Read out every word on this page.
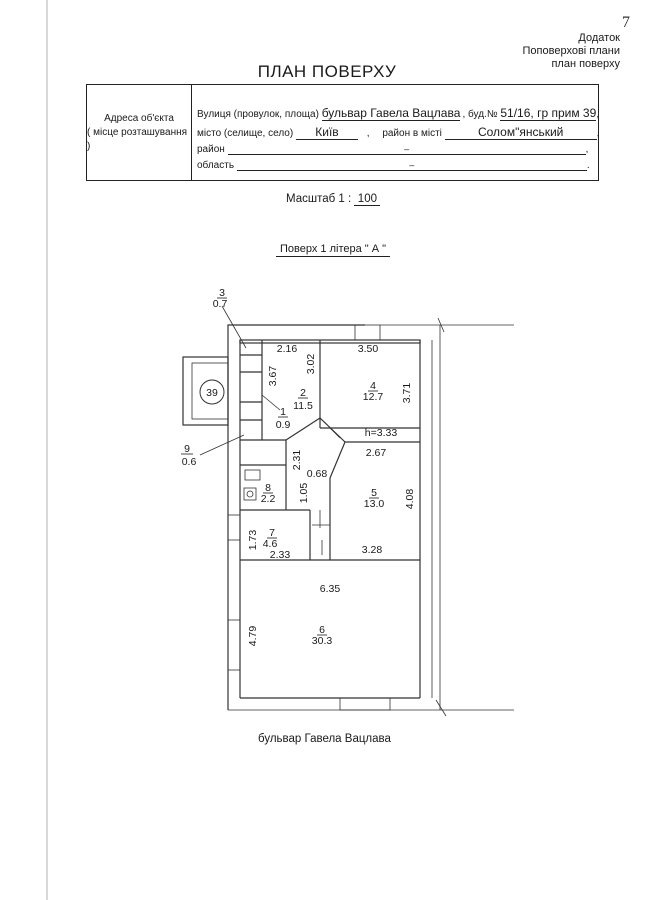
7
Додаток
Поповерхові плани
план поверху
ПЛАН ПОВЕРХУ
Адреса об'єкта
( місце розташування )
Вулиця (провулок, площа) бульвар Гавела Вацлава , буд.№ 51/16, гр прим 39,
місто (селище, село) Київ	, район в місті	Солом"янський	,
район	–	,
область	–	.
Масштаб 1 : 100
Поверх 1 літера " А "
39
3
0.7
2
11.5
1
0.9
4
12.7
5
13.0
6
30.3
7
4.6
8
2.2
9
0.6
2.16	3.50
h=3.33
0.68
2.67
2.33	3.28
6.35
3.02
3.67
3.71
2.31
4.08
1.05
1.73
4.79
бульвар Гавела Вацлава
